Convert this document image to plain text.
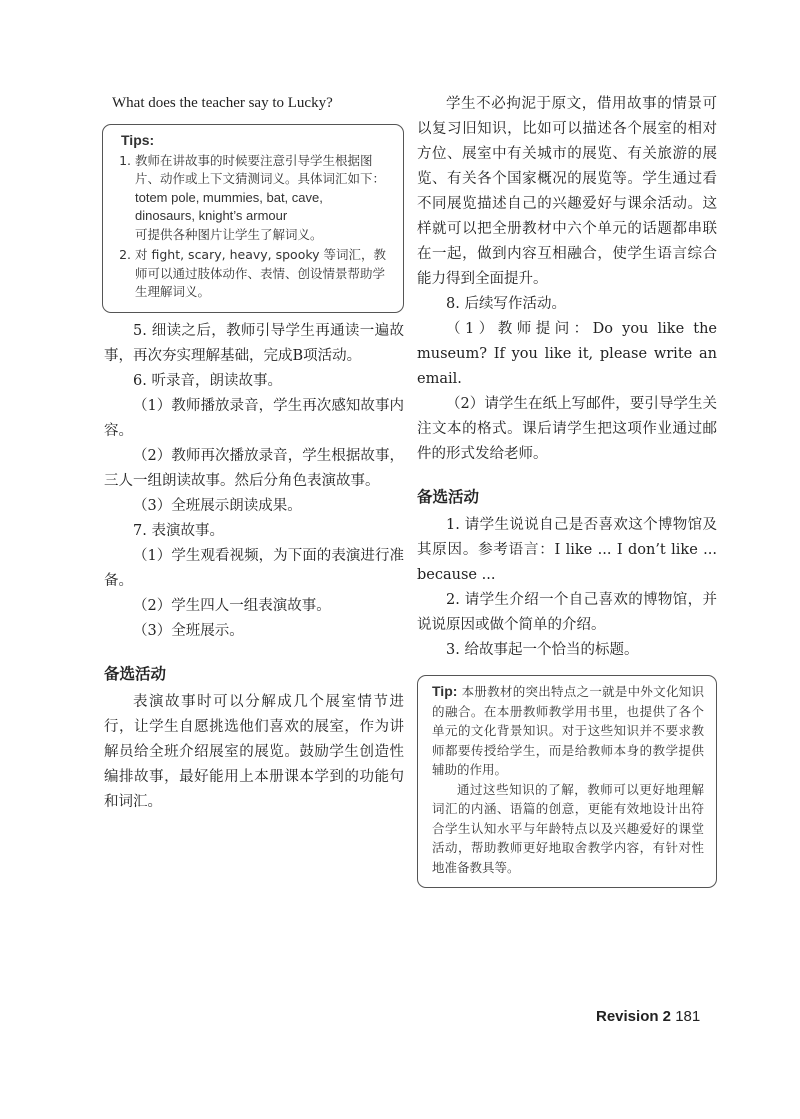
What does the teacher say to Lucky?

Tips:
1. 教师在讲故事的时候要注意引导学生根据图片、动作或上下文猜测词义。具体词汇如下：
totem pole, mummies, bat, cave,
dinosaurs, knight’s armour
可提供各种图片让学生了解词义。
2. 对 fight, scary, heavy, spooky 等词汇，教师可以通过肢体动作、表情、创设情景帮助学生理解词义。

5. 细读之后，教师引导学生再通读一遍故事，再次夯实理解基础，完成B项活动。

6. 听录音，朗读故事。

（1）教师播放录音，学生再次感知故事内容。

（2）教师再次播放录音，学生根据故事，三人一组朗读故事。然后分角色表演故事。

（3）全班展示朗读成果。

7. 表演故事。

（1）学生观看视频，为下面的表演进行准备。

（2）学生四人一组表演故事。

（3）全班展示。

备选活动

表演故事时可以分解成几个展室情节进行，让学生自愿挑选他们喜欢的展室，作为讲解员给全班介绍展室的展览。鼓励学生创造性编排故事，最好能用上本册课本学到的功能句和词汇。

学生不必拘泥于原文，借用故事的情景可以复习旧知识，比如可以描述各个展室的相对方位、展室中有关城市的展览、有关旅游的展览、有关各个国家概况的展览等。学生通过看不同展览描述自己的兴趣爱好与课余活动。这样就可以把全册教材中六个单元的话题都串联在一起，做到内容互相融合，使学生语言综合能力得到全面提升。

8. 后续写作活动。

（1）教师提问：Do you like the museum? If you like it, please write an email.

（2）请学生在纸上写邮件，要引导学生关注文本的格式。课后请学生把这项作业通过邮件的形式发给老师。

备选活动

1. 请学生说说自己是否喜欢这个博物馆及其原因。参考语言：I like ... I don’t like ... because ...

2. 请学生介绍一个自己喜欢的博物馆，并说说原因或做个简单的介绍。

3. 给故事起一个恰当的标题。

Tip: 本册教材的突出特点之一就是中外文化知识的融合。在本册教师教学用书里，也提供了各个单元的文化背景知识。对于这些知识并不要求教师都要传授给学生，而是给教师本身的教学提供辅助的作用。
通过这些知识的了解，教师可以更好地理解词汇的内涵、语篇的创意，更能有效地设计出符合学生认知水平与年龄特点以及兴趣爱好的课堂活动，帮助教师更好地取舍教学内容，有针对性地准备教具等。
Revision 2 181
